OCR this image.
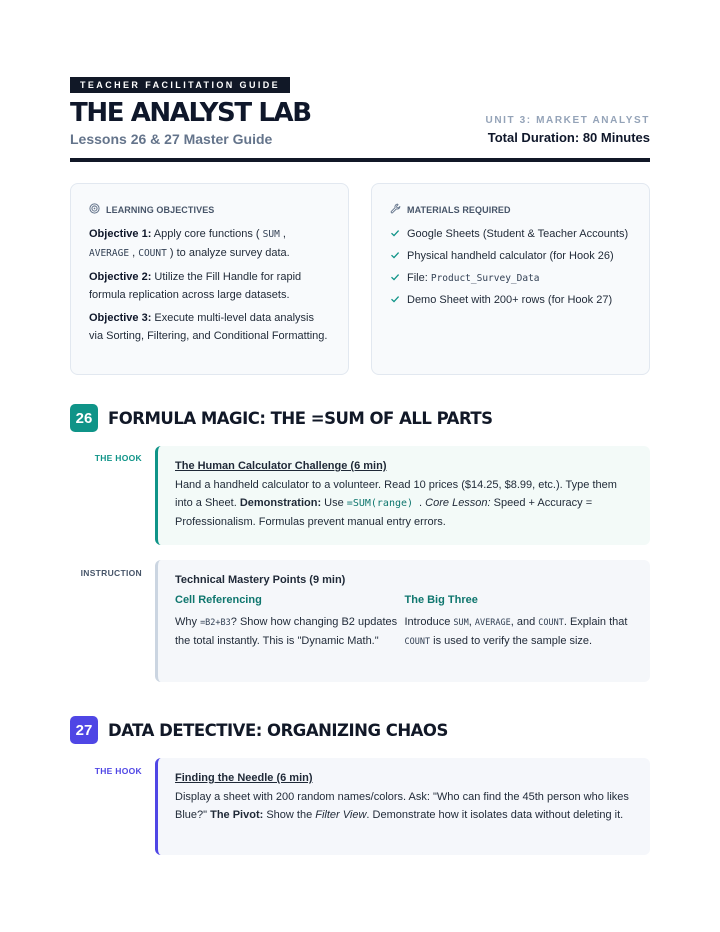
TEACHER FACILITATION GUIDE
THE ANALYST LAB
Lessons 26 & 27 Master Guide
UNIT 3: MARKET ANALYST
Total Duration: 80 Minutes
LEARNING OBJECTIVES
Objective 1: Apply core functions ( SUM ,
AVERAGE , COUNT ) to analyze survey data.
Objective 2: Utilize the Fill Handle for rapid formula replication across large datasets.
Objective 3: Execute multi-level data analysis via Sorting, Filtering, and Conditional Formatting.
MATERIALS REQUIRED
Google Sheets (Student & Teacher Accounts)
Physical handheld calculator (for Hook 26)
File: Product_Survey_Data
Demo Sheet with 200+ rows (for Hook 27)
26 FORMULA MAGIC: THE =SUM OF ALL PARTS
THE HOOK
The Human Calculator Challenge (6 min)
Hand a handheld calculator to a volunteer. Read 10 prices ($14.25, $8.99, etc.). Type them into a Sheet. Demonstration: Use =SUM(range) . Core Lesson: Speed + Accuracy = Professionalism. Formulas prevent manual entry errors.
INSTRUCTION
Technical Mastery Points (9 min)
Cell Referencing
Why =B2+B3? Show how changing B2 updates the total instantly. This is "Dynamic Math."
The Big Three
Introduce SUM, AVERAGE, and COUNT. Explain that COUNT is used to verify the sample size.
27 DATA DETECTIVE: ORGANIZING CHAOS
THE HOOK
Finding the Needle (6 min)
Display a sheet with 200 random names/colors. Ask: "Who can find the 45th person who likes Blue?" The Pivot: Show the Filter View. Demonstrate how it isolates data without deleting it.
